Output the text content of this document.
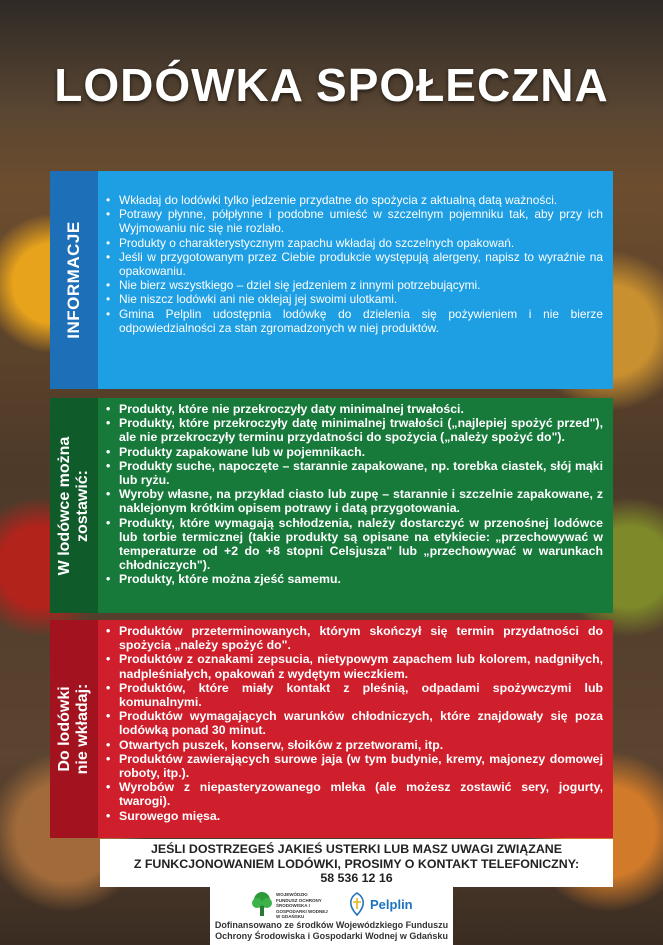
LODÓWKA SPOŁECZNA
INFORMACJE
• Wkładaj do lodówki tylko jedzenie przydatne do spożycia z aktualną datą ważności.
• Potrawy płynne, półpłynne i podobne umieść w szczelnym pojemniku tak, aby przy ich Wyjmowaniu nic się nie rozlało.
• Produkty o charakterystycznym zapachu wkładaj do szczelnych opakowań.
• Jeśli w przygotowanym przez Ciebie produkcie występują alergeny, napisz to wyraźnie na opakowaniu.
• Nie bierz wszystkiego – dziel się jedzeniem z innymi potrzebującymi.
• Nie niszcz lodówki ani nie oklejaj jej swoimi ulotkami.
• Gmina Pelplin udostępnia lodówkę do dzielenia się pożywieniem i nie bierze odpowiedzialności za stan zgromadzonych w niej produktów.
W lodówce można zostawić:
• Produkty, które nie przekroczyły daty minimalnej trwałości.
• Produkty, które przekroczyły datę minimalnej trwałości („najlepiej spożyć przed"), ale nie przekroczyły terminu przydatności do spożycia („należy spożyć do").
• Produkty zapakowane lub w pojemnikach.
• Produkty suche, napoczęte – starannie zapakowane, np. torebka ciastek, słój mąki lub ryżu.
• Wyroby własne, na przykład ciasto lub zupę – starannie i szczelnie zapakowane, z naklejonym krótkim opisem potrawy i datą przygotowania.
• Produkty, które wymagają schłodzenia, należy dostarczyć w przenośnej lodówce lub torbie termicznej (takie produkty są opisane na etykiecie: „przechowywać w temperaturze od +2 do +8 stopni Celsjusza" lub „przechowywać w warunkach chłodniczych").
• Produkty, które można zjeść samemu.
Do lodówki nie wkładaj:
• Produktów przeterminowanych, którym skończył się termin przydatności do spożycia „należy spożyć do".
• Produktów z oznakami zepsucia, nietypowym zapachem lub kolorem, nadgniłych, nadpleśniałych, opakowań z wydętym wieczkiem.
• Produktów, które miały kontakt z pleśnią, odpadami spożywczymi lub komunalnymi.
• Produktów wymagających warunków chłodniczych, które znajdowały się poza lodówką ponad 30 minut.
• Otwartych puszek, konserw, słoików z przetworami, itp.
• Produktów zawierających surowe jaja (w tym budynie, kremy, majonezy domowej roboty, itp.).
• Wyrobów z niepasteryzowanego mleka (ale możesz zostawić sery, jogurty, twarogi).
• Surowego mięsa.
JEŚLI DOSTRZEGEŚ JAKIEŚ USTERKI LUB MASZ UWAGI ZWIĄZANE
Z FUNKCJONOWANIEM LODÓWKI, PROSIMY O KONTAKT TELEFONICZNY:
58 536 12 16
WOJEWÓDZKI FUNDUSZ OCHRONY ŚRODOWISKA I GOSPODARKI WODNEJ W GDAŃSKU
Pelplin
Dofinansowano ze środków Wojewódzkiego Funduszu
Ochrony Środowiska i Gospodarki Wodnej w Gdańsku
